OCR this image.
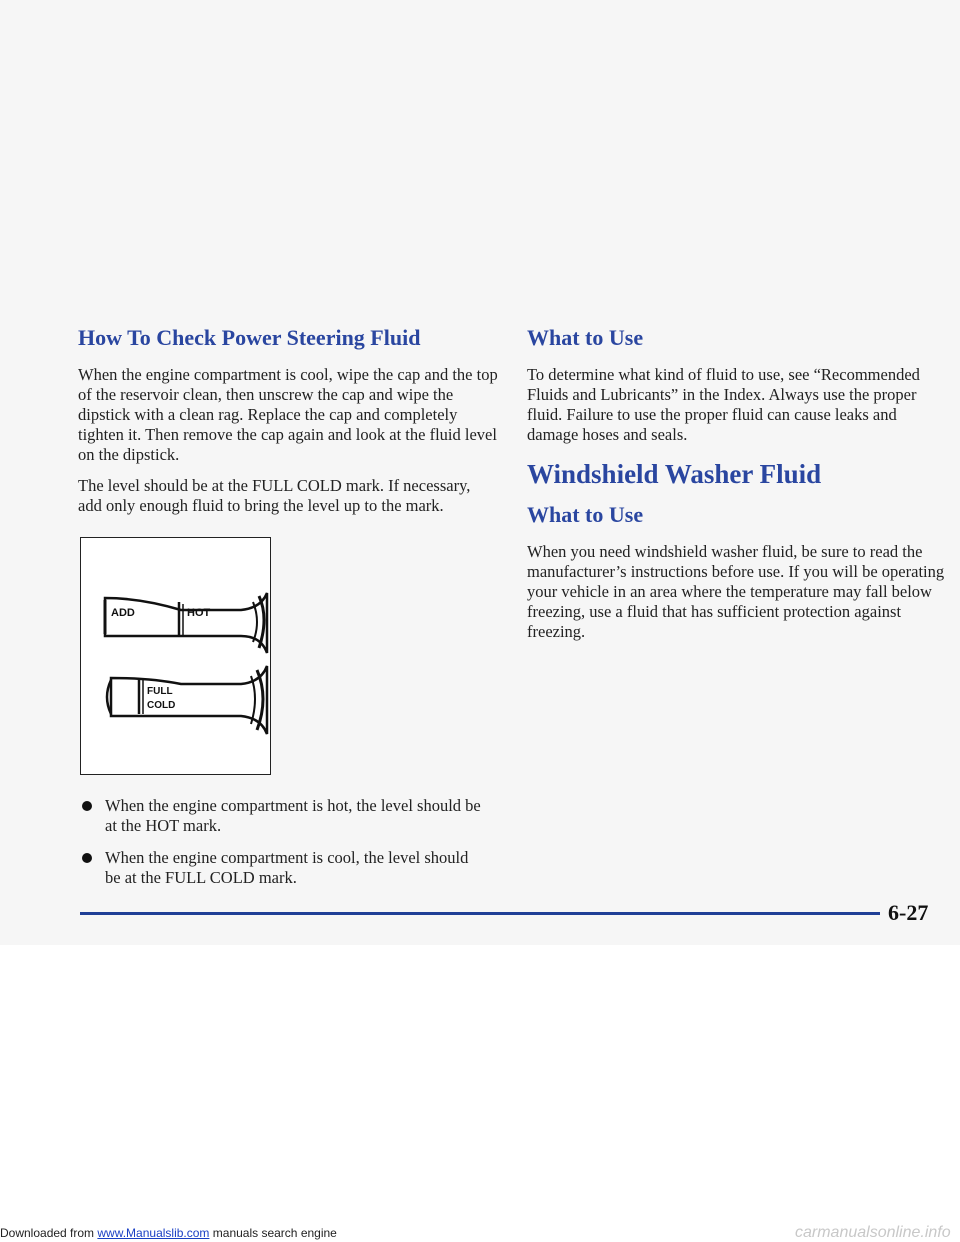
How To Check Power Steering Fluid

When the engine compartment is cool, wipe the cap and the top of the reservoir clean, then unscrew the cap and wipe the dipstick with a clean rag. Replace the cap and completely tighten it. Then remove the cap again and look at the fluid level on the dipstick.

The level should be at the FULL COLD mark. If necessary, add only enough fluid to bring the level up to the mark.

ADD	HOT
FULL
COLD
When the engine compartment is hot, the level should be at the HOT mark.
When the engine compartment is cool, the level should be at the FULL COLD mark.
What to Use

To determine what kind of fluid to use, see “Recommended Fluids and Lubricants” in the Index. Always use the proper fluid. Failure to use the proper fluid can cause leaks and damage hoses and seals.

Windshield Washer Fluid
What to Use

When you need windshield washer fluid, be sure to read the manufacturer’s instructions before use. If you will be operating your vehicle in an area where the temperature may fall below freezing, use a fluid that has sufficient protection against freezing.

6-27
Downloaded from www.Manualslib.com manuals search engine	carmanualsonline.info
